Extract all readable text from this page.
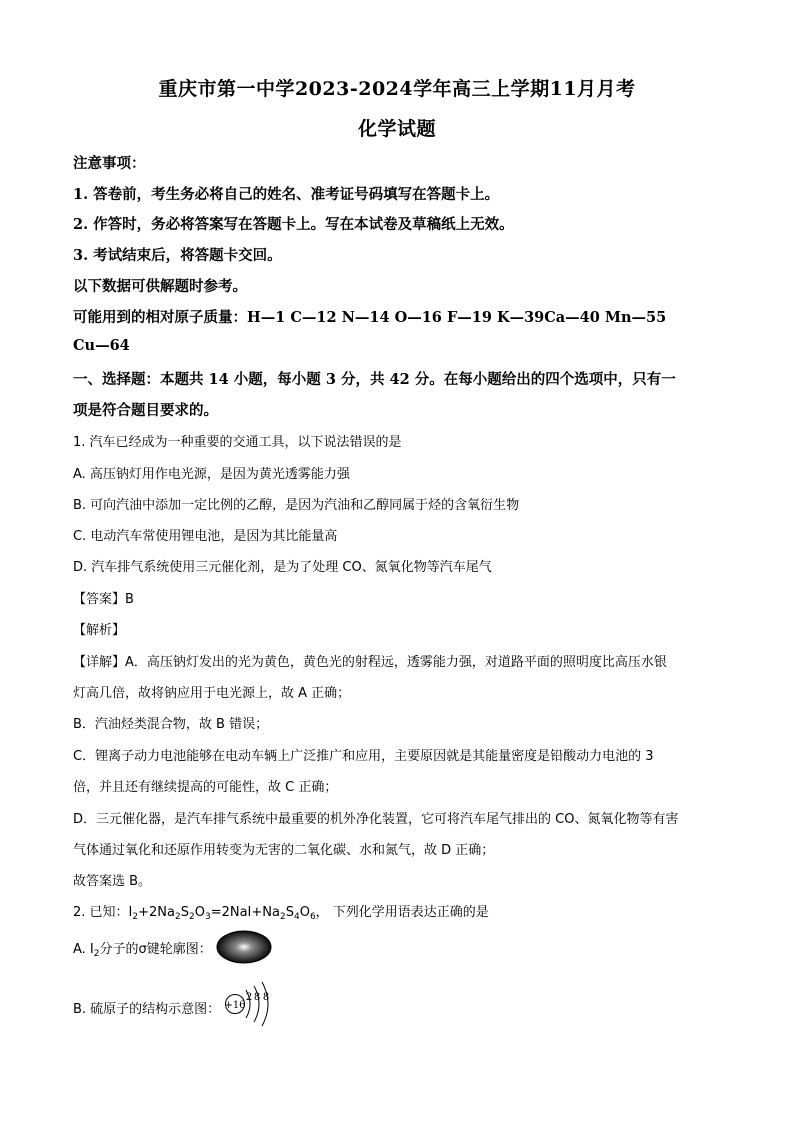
重庆市第一中学2023-2024学年高三上学期11月月考
化学试题
注意事项：
1. 答卷前，考生务必将自己的姓名、准考证号码填写在答题卡上。
2. 作答时，务必将答案写在答题卡上。写在本试卷及草稿纸上无效。
3. 考试结束后，将答题卡交回。
以下数据可供解题时参考。
可能用到的相对原子质量：H—1 C—12 N—14 O—16 F—19 K—39Ca—40 Mn—55
Cu—64
一、选择题：本题共 14 小题，每小题 3 分，共 42 分。在每小题给出的四个选项中，只有一
项是符合题目要求的。
1. 汽车已经成为一种重要的交通工具，以下说法错误的是
A. 高压钠灯用作电光源，是因为黄光透雾能力强
B. 可向汽油中添加一定比例的乙醇，是因为汽油和乙醇同属于烃的含氧衍生物
C. 电动汽车常使用锂电池，是因为其比能量高
D. 汽车排气系统使用三元催化剂，是为了处理 CO、氮氧化物等汽车尾气
【答案】B
【解析】
【详解】A．高压钠灯发出的光为黄色，黄色光的射程远，透雾能力强，对道路平面的照明度比高压水银
灯高几倍，故将钠应用于电光源上，故 A 正确；
B．汽油烃类混合物，故 B 错误；
C．锂离子动力电池能够在电动车辆上广泛推广和应用，主要原因就是其能量密度是铅酸动力电池的 3
倍，并且还有继续提高的可能性，故 C 正确；
D．三元催化器，是汽车排气系统中最重要的机外净化装置，它可将汽车尾气排出的 CO、氮氧化物等有害
气体通过氧化和还原作用转变为无害的二氧化碳、水和氮气，故 D 正确；
故答案选 B。
2. 已知：$I_2+2Na_2S_2O_3=2NaI+Na_2S_4O_6$， 下列化学用语表达正确的是
A. $I_2$分子的σ键轮廓图：
B. 硫原子的结构示意图： +16
2 8 8
